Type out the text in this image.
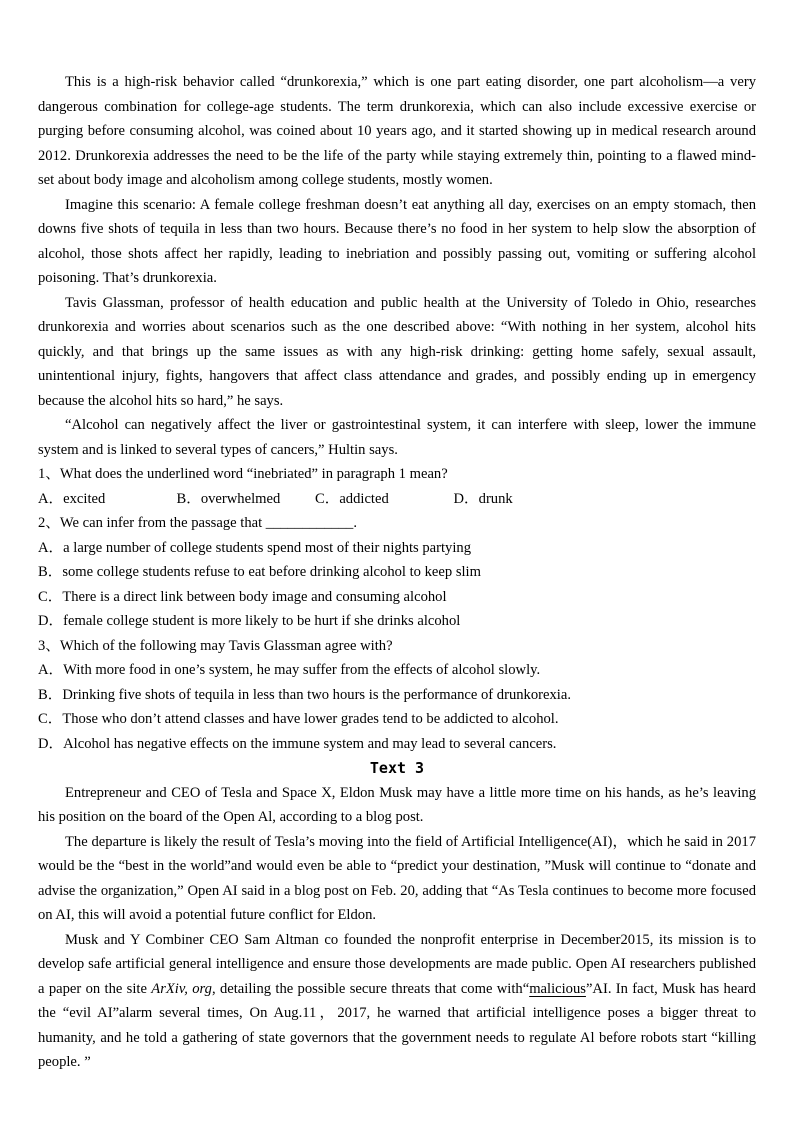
This is a high-risk behavior called “drunkorexia,” which is one part eating disorder, one part alcoholism—a very dangerous combination for college-age students. The term drunkorexia, which can also include excessive exercise or purging before consuming alcohol, was coined about 10 years ago, and it started showing up in medical research around 2012. Drunkorexia addresses the need to be the life of the party while staying extremely thin, pointing to a flawed mind-set about body image and alcoholism among college students, mostly women.

Imagine this scenario: A female college freshman doesn’t eat anything all day, exercises on an empty stomach, then downs five shots of tequila in less than two hours. Because there’s no food in her system to help slow the absorption of alcohol, those shots affect her rapidly, leading to inebriation and possibly passing out, vomiting or suffering alcohol poisoning. That’s drunkorexia.

Tavis Glassman, professor of health education and public health at the University of Toledo in Ohio, researches drunkorexia and worries about scenarios such as the one described above: “With nothing in her system, alcohol hits quickly, and that brings up the same issues as with any high-risk drinking: getting home safely, sexual assault, unintentional injury, fights, hangovers that affect class attendance and grades, and possibly ending up in emergency because the alcohol hits so hard,” he says.

“Alcohol can negatively affect the liver or gastrointestinal system, it can interfere with sleep, lower the immune system and is linked to several types of cancers,” Hultin says.

1、What does the underlined word “inebriated” in paragraph 1 mean?

A．excited	B．overwhelmed C．addicted	D．drunk

2、We can infer from the passage that ____________.

A．a large number of college students spend most of their nights partying

B．some college students refuse to eat before drinking alcohol to keep slim

C．There is a direct link between body image and consuming alcohol

D．female college student is more likely to be hurt if she drinks alcohol

3、Which of the following may Tavis Glassman agree with?

A．With more food in one’s system, he may suffer from the effects of alcohol slowly.

B．Drinking five shots of tequila in less than two hours is the performance of drunkorexia.

C．Those who don’t attend classes and have lower grades tend to be addicted to alcohol.

D．Alcohol has negative effects on the immune system and may lead to several cancers.

Text 3

Entrepreneur and CEO of Tesla and Space X, Eldon Musk may have a little more time on his hands, as he’s leaving his position on the board of the Open Al, according to a blog post.

The departure is likely the result of Tesla’s moving into the field of Artificial Intelligence(AI)，which he said in 2017 would be the “best in the world”and would even be able to “predict your destination, ”Musk will continue to “donate and advise the organization,” Open AI said in a blog post on Feb. 20, adding that “As Tesla continues to become more focused on AI, this will avoid a potential future conflict for Eldon.

Musk and Y Combiner CEO Sam Altman co founded the nonprofit enterprise in December2015, its mission is to develop safe artificial general intelligence and ensure those developments are made public. Open AI researchers published a paper on the site ArXiv, org, detailing the possible secure threats that come with“malicious”AI. In fact, Musk has heard the “evil AI”alarm several times, On Aug.11，2017, he warned that artificial intelligence poses a bigger threat to humanity, and he told a gathering of state governors that the government needs to regulate Al before robots start “killing people. ”
